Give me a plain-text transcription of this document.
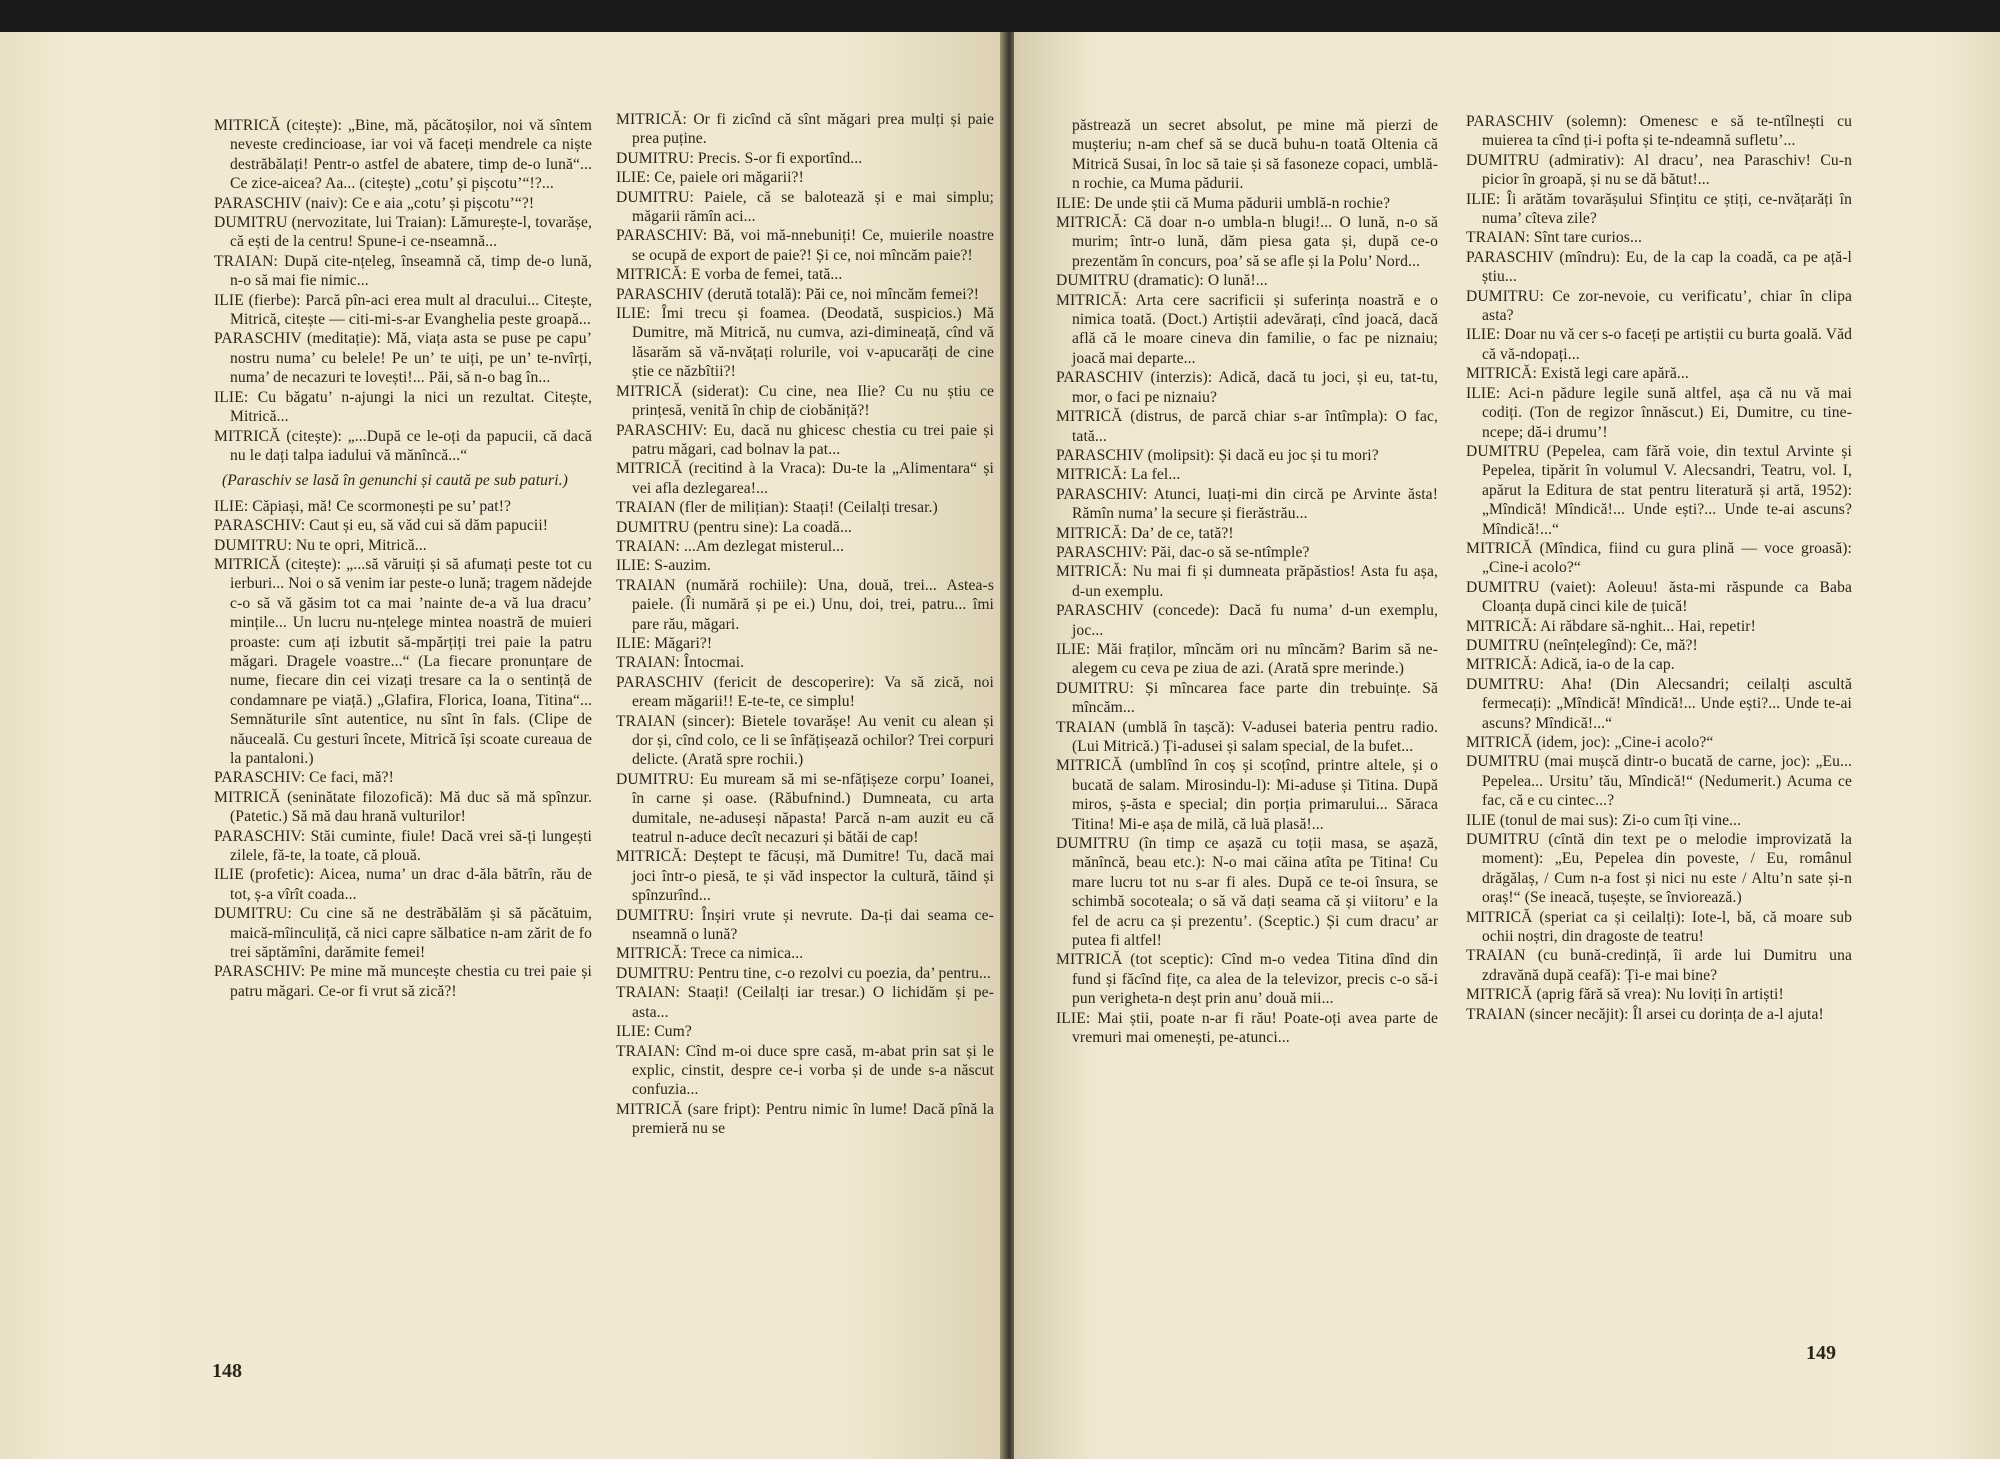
MITRICĂ (citește): „Bine, mă, păcătoșilor, noi vă sîntem neveste credincioase, iar voi vă faceți mendrele ca niște destrăbălați! Pentr-o astfel de abatere, timp de-o lună“... Ce zice-aicea? Aa... (citește) „cotu’ și pișcotu’“!?...

PARASCHIV (naiv): Ce e aia „cotu’ și pișcotu’“?!

DUMITRU (nervozitate, lui Traian): Lămurește-l, tovarășe, că ești de la centru! Spune-i ce-nseamnă...

TRAIAN: După cite-nțeleg, înseamnă că, timp de-o lună, n-o să mai fie nimic...

ILIE (fierbe): Parcă pîn-aci erea mult al dracului... Citește, Mitrică, citește — citi-mi-s-ar Evanghelia peste groapă...

PARASCHIV (meditație): Mă, viața asta se puse pe capu’ nostru numa’ cu belele! Pe un’ te uiți, pe un’ te-nvîrți, numa’ de necazuri te lovești!... Păi, să n-o bag în...

ILIE: Cu băgatu’ n-ajungi la nici un rezultat. Citește, Mitrică...

MITRICĂ (citește): „...După ce le-oți da papucii, că dacă nu le dați talpa iadului vă mănîncă...“

(Paraschiv se lasă în genunchi și caută pe sub paturi.)

ILIE: Căpiași, mă! Ce scormonești pe su’ pat!?

PARASCHIV: Caut și eu, să văd cui să dăm papucii!

DUMITRU: Nu te opri, Mitrică...

MITRICĂ (citește): „...să văruiți și să afumați peste tot cu ierburi... Noi o să venim iar peste-o lună; tragem nădejde c-o să vă găsim tot ca mai ’nainte de-a vă lua dracu’ mințile... Un lucru nu-nțelege mintea noastră de muieri proaste: cum ați izbutit să-mpărțiți trei paie la patru măgari. Dragele voastre...“ (La fiecare pronunțare de nume, fiecare din cei vizați tresare ca la o sentință de condamnare pe viață.) „Glafira, Florica, Ioana, Titina“... Semnăturile sînt autentice, nu sînt în fals. (Clipe de năuceală. Cu gesturi încete, Mitrică își scoate cureaua de la pantaloni.)

PARASCHIV: Ce faci, mă?!

MITRICĂ (seninătate filozofică): Mă duc să mă spînzur. (Patetic.) Să mă dau hrană vulturilor!

PARASCHIV: Stăi cuminte, fiule! Dacă vrei să-ți lungești zilele, fă-te, la toate, că plouă.

ILIE (profetic): Aicea, numa’ un drac d-ăla bătrîn, rău de tot, ș-a vîrît coada...

DUMITRU: Cu cine să ne destrăbălăm și să păcătuim, maică-mîinculiță, că nici capre sălbatice n-am zărit de fo trei săptămîni, darămite femei!

PARASCHIV: Pe mine mă muncește chestia cu trei paie și patru măgari. Ce-or fi vrut să zică?!

MITRICĂ: Or fi zicînd că sînt măgari prea mulți și paie prea puține.

DUMITRU: Precis. S-or fi exportînd...

ILIE: Ce, paiele ori măgarii?!

DUMITRU: Paiele, că se balotează și e mai simplu; măgarii rămîn aci...

PARASCHIV: Bă, voi mă-nnebuniți! Ce, muierile noastre se ocupă de export de paie?! Și ce, noi mîncăm paie?!

MITRICĂ: E vorba de femei, tată...

PARASCHIV (derută totală): Păi ce, noi mîncăm femei?!

ILIE: Îmi trecu și foamea. (Deodată, suspicios.) Mă Dumitre, mă Mitrică, nu cumva, azi-dimineață, cînd vă lăsarăm să vă-nvățați rolurile, voi v-apucarăți de cine știe ce năzbîtii?!

MITRICĂ (siderat): Cu cine, nea Ilie? Cu nu știu ce prințesă, venită în chip de ciobăniță?!

PARASCHIV: Eu, dacă nu ghicesc chestia cu trei paie și patru măgari, cad bolnav la pat...

MITRICĂ (recitind à la Vraca): Du-te la „Alimentara“ și vei afla dezlegarea!...

TRAIAN (fler de milițian): Staați! (Ceilalți tresar.)

DUMITRU (pentru sine): La coadă...

TRAIAN: ...Am dezlegat misterul...

ILIE: S-auzim.

TRAIAN (numără rochiile): Una, două, trei... Astea-s paiele. (Îi numără și pe ei.) Unu, doi, trei, patru... îmi pare rău, măgari.

ILIE: Măgari?!

TRAIAN: Întocmai.

PARASCHIV (fericit de descoperire): Va să zică, noi eream măgarii!! E-te-te, ce simplu!

TRAIAN (sincer): Bietele tovarășe! Au venit cu alean și dor și, cînd colo, ce li se înfățișează ochilor? Trei corpuri delicte. (Arată spre rochii.)

DUMITRU: Eu muream să mi se-nfățișeze corpu’ Ioanei, în carne și oase. (Răbufnind.) Dumneata, cu arta dumitale, ne-aduseși năpasta! Parcă n-am auzit eu că teatrul n-aduce decît necazuri și bătăi de cap!

MITRICĂ: Deștept te făcuși, mă Dumitre! Tu, dacă mai joci într-o piesă, te și văd inspector la cultură, tăind și spînzurînd...

DUMITRU: Înșiri vrute și nevrute. Da-ți dai seama ce-nseamnă o lună?

MITRICĂ: Trece ca nimica...

DUMITRU: Pentru tine, c-o rezolvi cu poezia, da’ pentru...

TRAIAN: Staați! (Ceilalți iar tresar.) O lichidăm și pe-asta...

ILIE: Cum?

TRAIAN: Cînd m-oi duce spre casă, m-abat prin sat și le explic, cinstit, despre ce-i vorba și de unde s-a născut confuzia...

MITRICĂ (sare fript): Pentru nimic în lume! Dacă pînă la premieră nu se

148

păstrează un secret absolut, pe mine mă pierzi de mușteriu; n-am chef să se ducă buhu-n toată Oltenia că Mitrică Susai, în loc să taie și să fasoneze copaci, umblă-n rochie, ca Muma pădurii.

ILIE: De unde știi că Muma pădurii umblă-n rochie?

MITRICĂ: Că doar n-o umbla-n blugi!... O lună, n-o să murim; într-o lună, dăm piesa gata și, după ce-o prezentăm în concurs, poa’ să se afle și la Polu’ Nord...

DUMITRU (dramatic): O lună!...

MITRICĂ: Arta cere sacrificii și suferința noastră e o nimica toată. (Doct.) Artiștii adevărați, cînd joacă, dacă află că le moare cineva din familie, o fac pe niznaiu; joacă mai departe...

PARASCHIV (interzis): Adică, dacă tu joci, și eu, tat-tu, mor, o faci pe niznaiu?

MITRICĂ (distrus, de parcă chiar s-ar întîmpla): O fac, tată...

PARASCHIV (molipsit): Și dacă eu joc și tu mori?

MITRICĂ: La fel...

PARASCHIV: Atunci, luați-mi din circă pe Arvinte ăsta! Rămîn numa’ la secure și fierăstrău...

MITRICĂ: Da’ de ce, tată?!

PARASCHIV: Păi, dac-o să se-ntîmple?

MITRICĂ: Nu mai fi și dumneata prăpăstios! Asta fu așa, d-un exemplu.

PARASCHIV (concede): Dacă fu numa’ d-un exemplu, joc...

ILIE: Măi fraților, mîncăm ori nu mîncăm? Barim să ne-alegem cu ceva pe ziua de azi. (Arată spre merinde.)

DUMITRU: Și mîncarea face parte din trebuințe. Să mîncăm...

TRAIAN (umblă în tașcă): V-adusei bateria pentru radio. (Lui Mitrică.) Ți-adusei și salam special, de la bufet...

MITRICĂ (umblînd în coș și scoțînd, printre altele, și o bucată de salam. Mirosindu-l): Mi-aduse și Titina. După miros, ș-ăsta e special; din porția primarului... Săraca Titina! Mi-e așa de milă, că luă plasă!...

DUMITRU (în timp ce așază cu toții masa, se așază, mănîncă, beau etc.): N-o mai căina atîta pe Titina! Cu mare lucru tot nu s-ar fi ales. După ce te-oi însura, se schimbă socoteala; o să vă dați seama că și viitoru’ e la fel de acru ca și prezentu’. (Sceptic.) Și cum dracu’ ar putea fi altfel!

MITRICĂ (tot sceptic): Cînd m-o vedea Titina dînd din fund și făcînd fițe, ca alea de la televizor, precis c-o să-i pun verigheta-n deșt prin anu’ două mii...

ILIE: Mai știi, poate n-ar fi rău! Poate-oți avea parte de vremuri mai omenești, pe-atunci...

PARASCHIV (solemn): Omenesc e să te-ntîlnești cu muierea ta cînd ți-i pofta și te-ndeamnă sufletu’...

DUMITRU (admirativ): Al dracu’, nea Paraschiv! Cu-n picior în groapă, și nu se dă bătut!...

ILIE: Îi arătăm tovarășului Sfințitu ce știți, ce-nvățarăți în numa’ cîteva zile?

TRAIAN: Sînt tare curios...

PARASCHIV (mîndru): Eu, de la cap la coadă, ca pe ață-l știu...

DUMITRU: Ce zor-nevoie, cu verificatu’, chiar în clipa asta?

ILIE: Doar nu vă cer s-o faceți pe artiștii cu burta goală. Văd că vă-ndopați...

MITRICĂ: Există legi care apără...

ILIE: Aci-n pădure legile sună altfel, așa că nu vă mai codiți. (Ton de regizor înnăscut.) Ei, Dumitre, cu tine-ncepe; dă-i drumu’!

DUMITRU (Pepelea, cam fără voie, din textul Arvinte și Pepelea, tipărit în volumul V. Alecsandri, Teatru, vol. I, apărut la Editura de stat pentru literatură și artă, 1952): „Mîndică! Mîndică!... Unde ești?... Unde te-ai ascuns? Mîndică!...“

MITRICĂ (Mîndica, fiind cu gura plină — voce groasă): „Cine-i acolo?“

DUMITRU (vaiet): Aoleuu! ăsta-mi răspunde ca Baba Cloanța după cinci kile de țuică!

MITRICĂ: Ai răbdare să-nghit... Hai, repetir!

DUMITRU (neînțelegînd): Ce, mă?!

MITRICĂ: Adică, ia-o de la cap.

DUMITRU: Aha! (Din Alecsandri; ceilalți ascultă fermecați): „Mîndică! Mîndică!... Unde ești?... Unde te-ai ascuns? Mîndică!...“

MITRICĂ (idem, joc): „Cine-i acolo?“

DUMITRU (mai mușcă dintr-o bucată de carne, joc): „Eu... Pepelea... Ursitu’ tău, Mîndică!“ (Nedumerit.) Acuma ce fac, că e cu cintec...?

ILIE (tonul de mai sus): Zi-o cum îți vine...

DUMITRU (cîntă din text pe o melodie improvizată la moment): „Eu, Pepelea din poveste, / Eu, românul drăgălaș, / Cum n-a fost și nici nu este / Altu’n sate și-n oraș!“ (Se ineacă, tușește, se înviorează.)

MITRICĂ (speriat ca și ceilalți): Iote-l, bă, că moare sub ochii noștri, din dragoste de teatru!

TRAIAN (cu bună-credință, îi arde lui Dumitru una zdravănă după ceafă): Ți-e mai bine?

MITRICĂ (aprig fără să vrea): Nu loviți în artiști!

TRAIAN (sincer necăjit): Îl arsei cu dorința de a-l ajuta!

149
